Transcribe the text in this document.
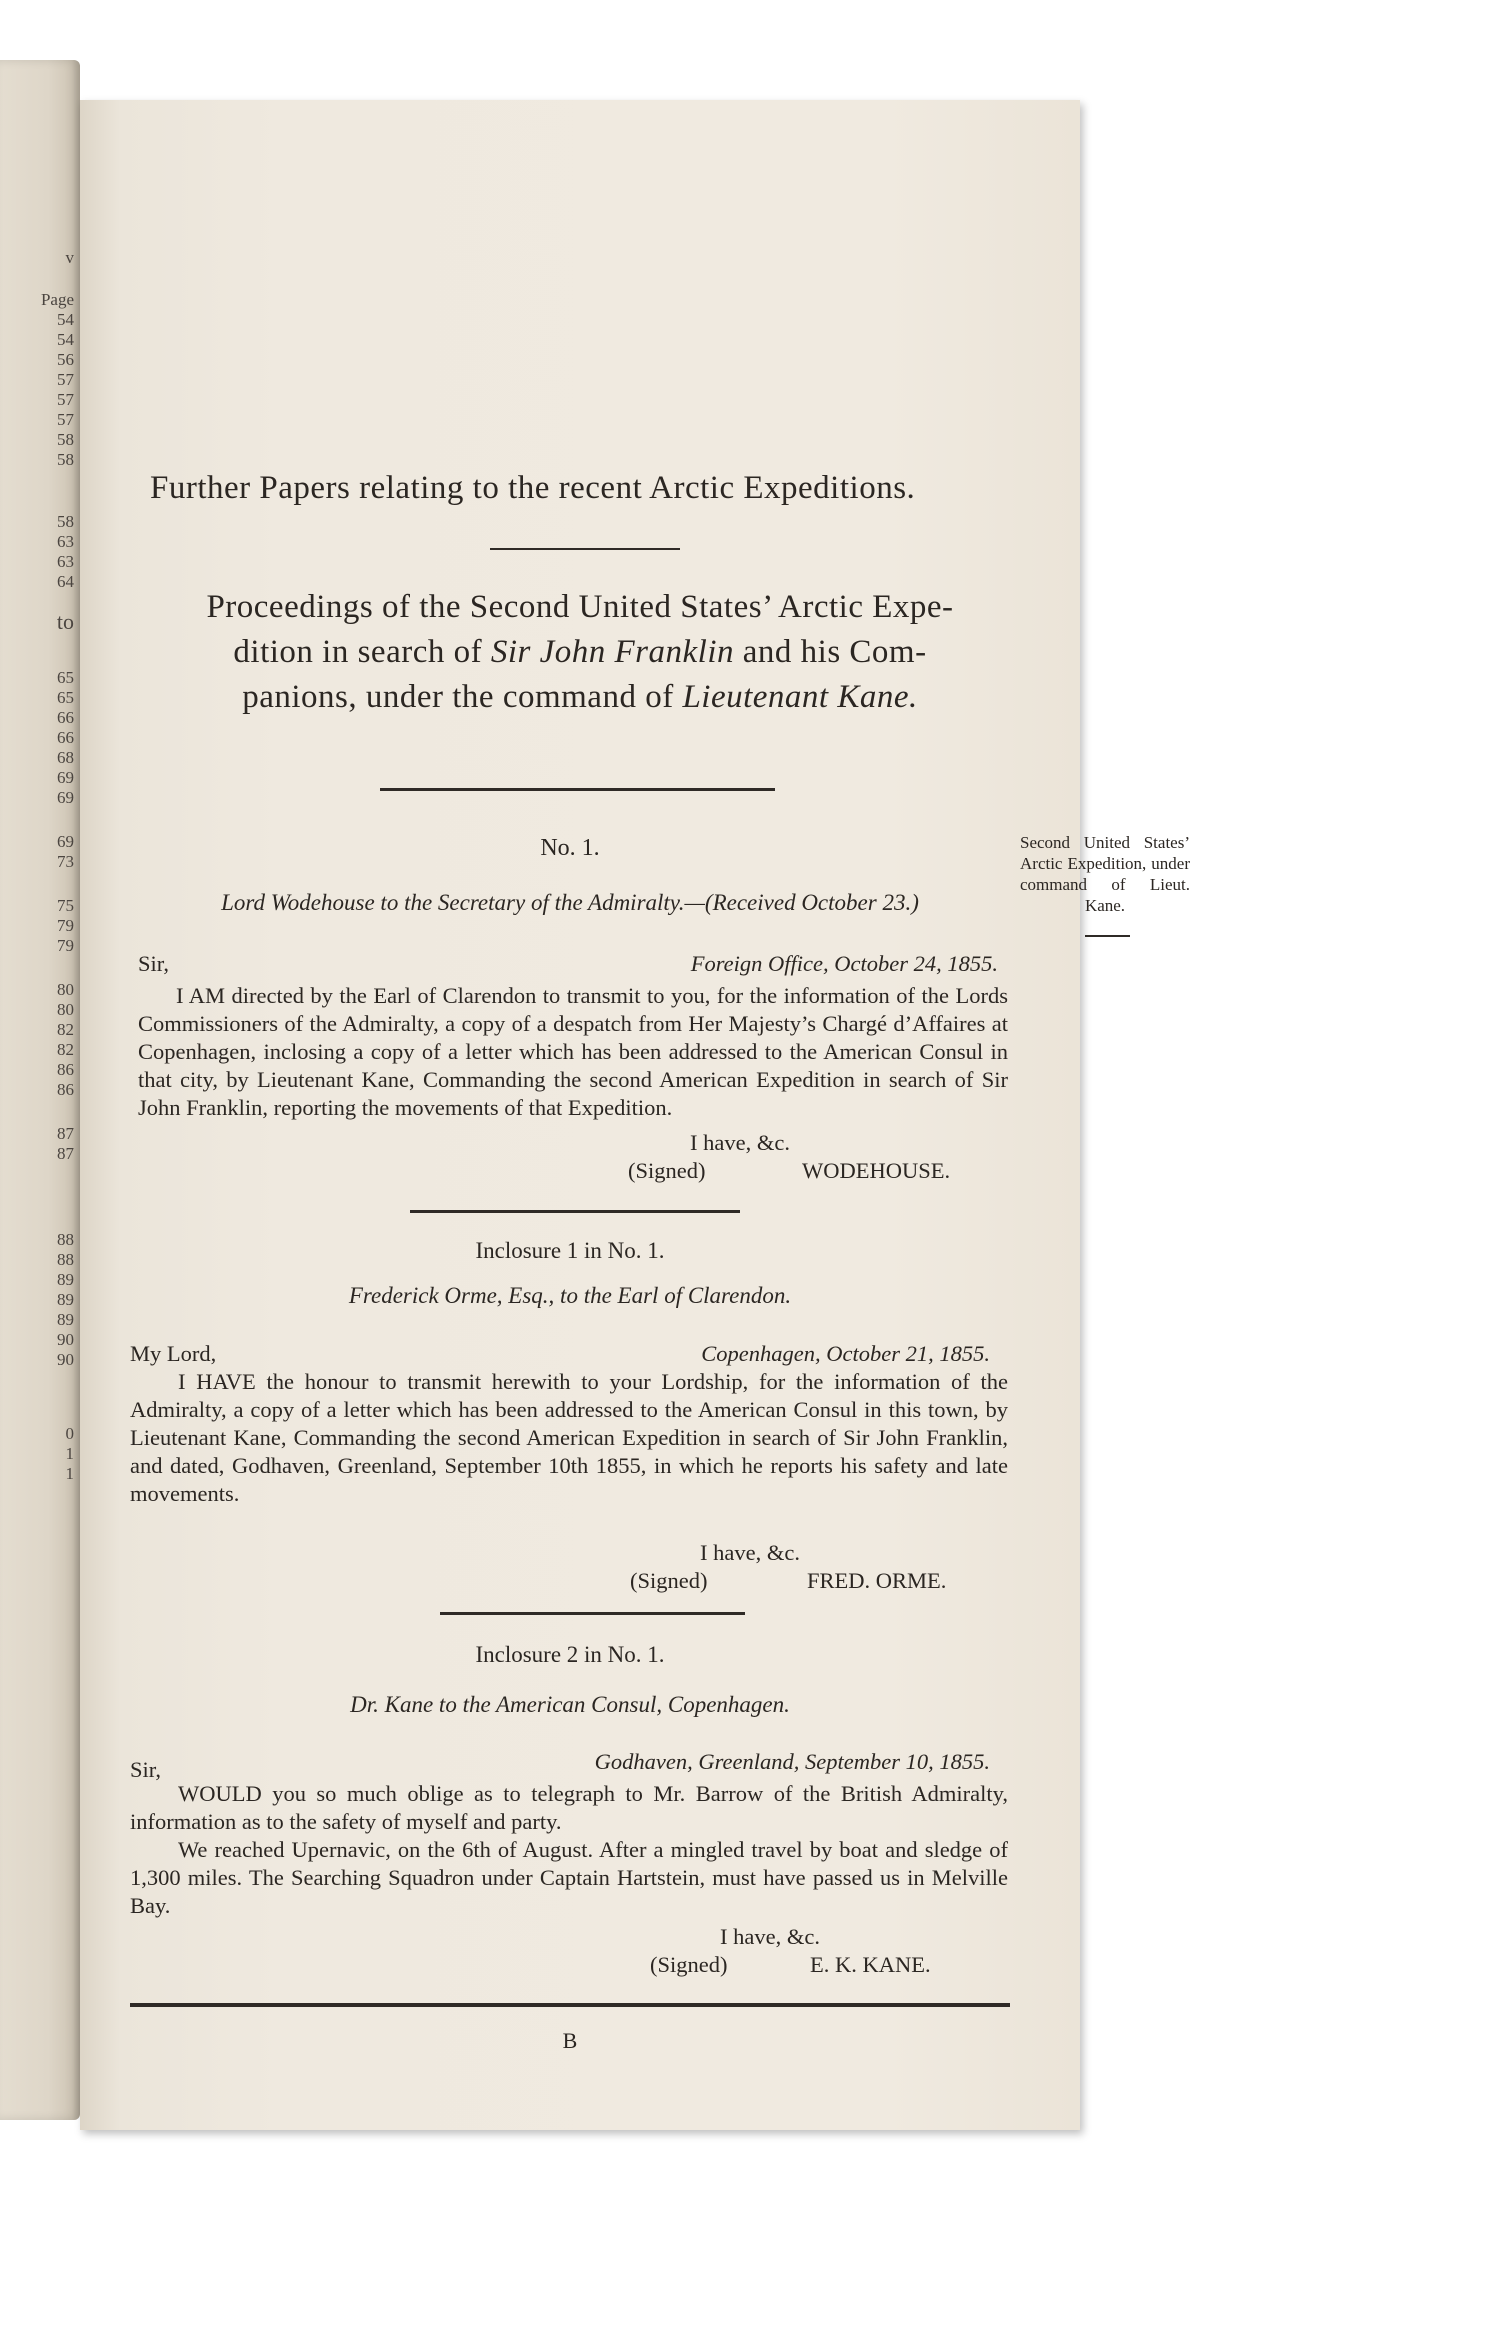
v
Page
54
54
56
57
57
57
58
58
58
63
63
64
to
65
65
66
66
68
69
69
69
73
75
79
79
80
80
82
82
86
86
87
87
88
88
89
89
89
90
90
0
1
1
Further Papers relating to the recent Arctic Expeditions.
Proceedings of the Second United States’ Arctic Expe-
dition in search of Sir John Franklin and his Com-
panions, under the command of Lieutenant Kane.
No. 1.	Second United States’ Arctic Expedition, under command of Lieut. Kane.
Lord Wodehouse to the Secretary of the Admiralty.—(Received October 23.)
Sir,	Foreign Office, October 24, 1855.
I AM directed by the Earl of Clarendon to transmit to you, for the information of the Lords Commissioners of the Admiralty, a copy of a despatch from Her Majesty’s Chargé d’Affaires at Copenhagen, inclosing a copy of a letter which has been addressed to the American Consul in that city, by Lieutenant Kane, Commanding the second American Expedition in search of Sir John Franklin, reporting the movements of that Expedition.
I have, &c.
(Signed)	WODEHOUSE.
Inclosure 1 in No. 1.
Frederick Orme, Esq., to the Earl of Clarendon.
My Lord,	Copenhagen, October 21, 1855.
I HAVE the honour to transmit herewith to your Lordship, for the information of the Admiralty, a copy of a letter which has been addressed to the American Consul in this town, by Lieutenant Kane, Commanding the second American Expedition in search of Sir John Franklin, and dated, Godhaven, Greenland, September 10th 1855, in which he reports his safety and late movements.
I have, &c.
(Signed)	FRED. ORME.
Inclosure 2 in No. 1.
Dr. Kane to the American Consul, Copenhagen.
Sir,	Godhaven, Greenland, September 10, 1855.
WOULD you so much oblige as to telegraph to Mr. Barrow of the British Admiralty, information as to the safety of myself and party.
We reached Upernavic, on the 6th of August. After a mingled travel by boat and sledge of 1,300 miles. The Searching Squadron under Captain Hartstein, must have passed us in Melville Bay.
I have, &c.
(Signed)	E. K. KANE.
B
